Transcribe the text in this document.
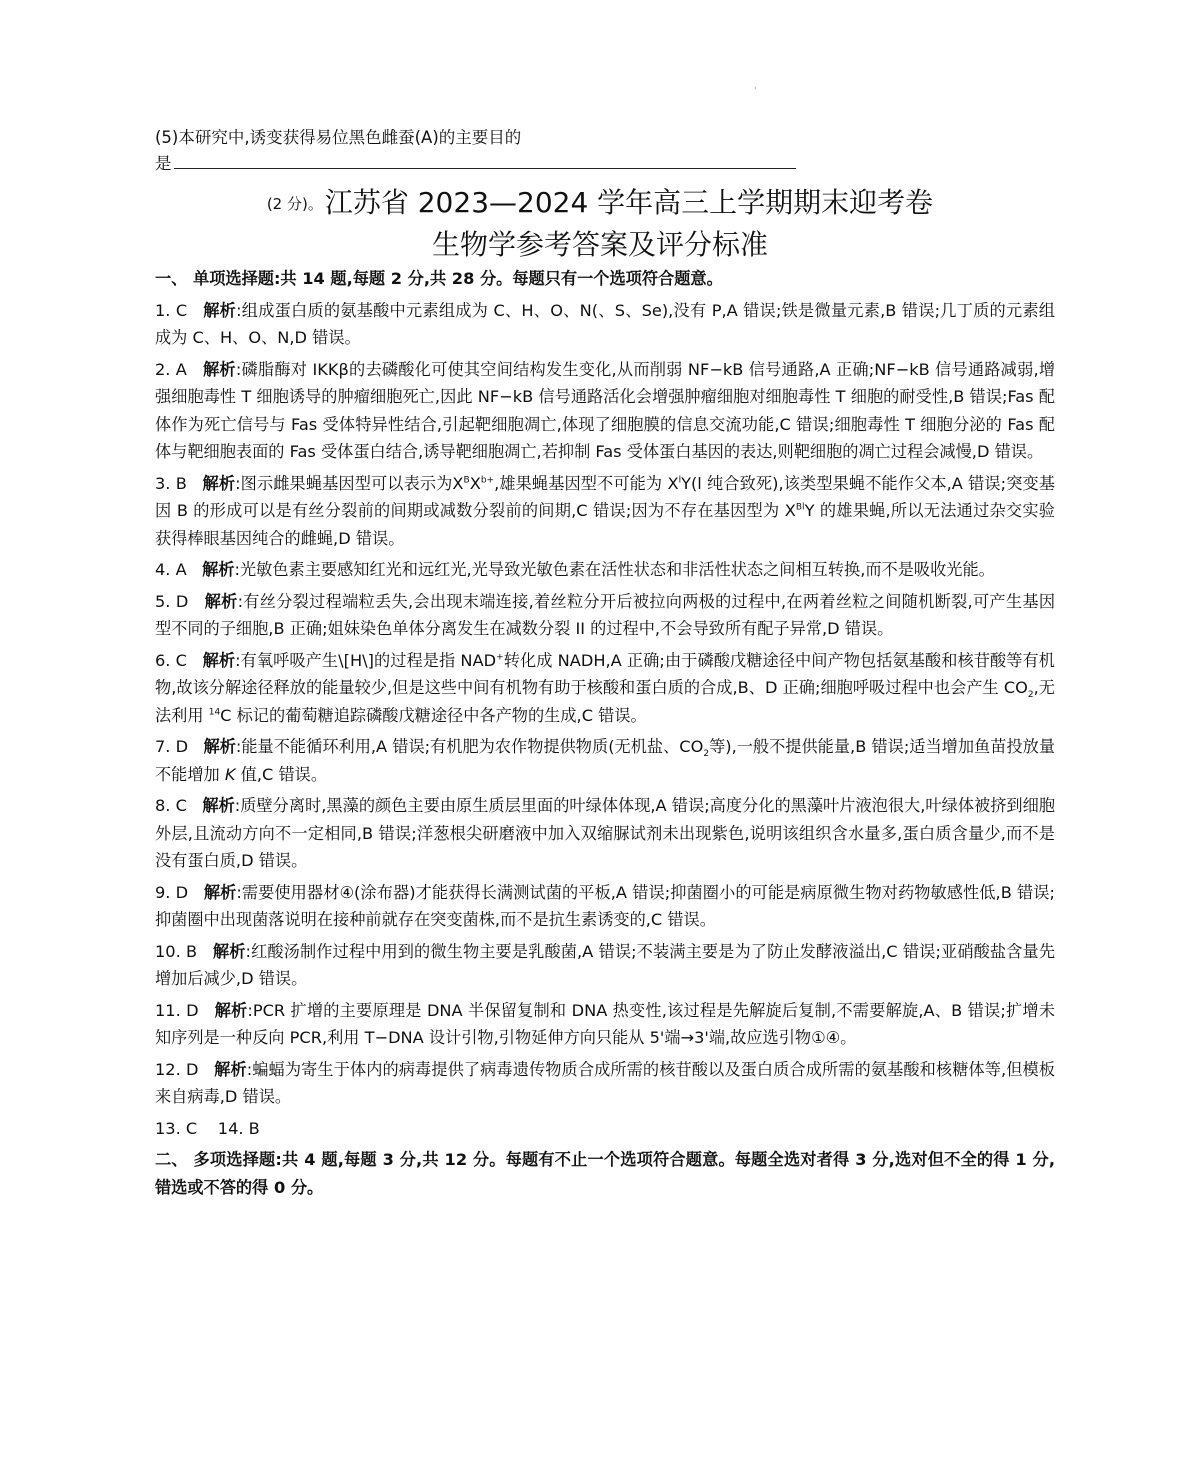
·
(5)本研究中,诱变获得易位黑色雌蚕(A)的主要目的
是
(2 分)。江苏省 2023—2024 学年高三上学期期末迎考卷
生物学参考答案及评分标准

一、 单项选择题:共 14 题,每题 2 分,共 28 分。每题只有一个选项符合题意。

1. C 解析:组成蛋白质的氨基酸中元素组成为 C、H、O、N(、S、Se),没有 P,A 错误;铁是微量元素,B 错误;几丁质的元素组成为 C、H、O、N,D 错误。

2. A 解析:磷脂酶对 IKKβ的去磷酸化可使其空间结构发生变化,从而削弱 NF−kB 信号通路,A 正确;NF−kB 信号通路减弱,增强细胞毒性 T 细胞诱导的肿瘤细胞死亡,因此 NF−kB 信号通路活化会增强肿瘤细胞对细胞毒性 T 细胞的耐受性,B 错误;Fas 配体作为死亡信号与 Fas 受体特异性结合,引起靶细胞凋亡,体现了细胞膜的信息交流功能,C 错误;细胞毒性 T 细胞分泌的 Fas 配体与靶细胞表面的 Fas 受体蛋白结合,诱导靶细胞凋亡,若抑制 Fas 受体蛋白基因的表达,则靶细胞的凋亡过程会减慢,D 错误。

3. B 解析:图示雌果蝇基因型可以表示为$X^BX^{b+}$,雄果蝇基因型不可能为 $X^lY(l$ 纯合致死),该类型果蝇不能作父本,A 错误;突变基因 B 的形成可以是有丝分裂前的间期或减数分裂前的间期,C 错误;因为不存在基因型为 $X^{Bl}Y$ 的雄果蝇,所以无法通过杂交实验获得棒眼基因纯合的雌蝇,D 错误。

4. A 解析:光敏色素主要感知红光和远红光,光导致光敏色素在活性状态和非活性状态之间相互转换,而不是吸收光能。

5. D 解析:有丝分裂过程端粒丢失,会出现末端连接,着丝粒分开后被拉向两极的过程中,在两着丝粒之间随机断裂,可产生基因型不同的子细胞,B 正确;姐妹染色单体分离发生在减数分裂 II 的过程中,不会导致所有配子异常,D 错误。

6. C 解析:有氧呼吸产生\[H\]的过程是指 NAD+转化成 NADH,A 正确;由于磷酸戊糖途径中间产物包括氨基酸和核苷酸等有机物,故该分解途径释放的能量较少,但是这些中间有机物有助于核酸和蛋白质的合成,B、D 正确;细胞呼吸过程中也会产生 $CO_2$,无法利用 $^{14}$C 标记的葡萄糖追踪磷酸戊糖途径中各产物的生成,C 错误。

7. D 解析:能量不能循环利用,A 错误;有机肥为农作物提供物质(无机盐、$CO_2$等),一般不提供能量,B 错误;适当增加鱼苗投放量不能增加 K 值,C 错误。

8. C 解析:质壁分离时,黑藻的颜色主要由原生质层里面的叶绿体体现,A 错误;高度分化的黑藻叶片液泡很大,叶绿体被挤到细胞外层,且流动方向不一定相同,B 错误;洋葱根尖研磨液中加入双缩脲试剂未出现紫色,说明该组织含水量多,蛋白质含量少,而不是没有蛋白质,D 错误。

9. D 解析:需要使用器材④(涂布器)才能获得长满测试菌的平板,A 错误;抑菌圈小的可能是病原微生物对药物敏感性低,B 错误;抑菌圈中出现菌落说明在接种前就存在突变菌株,而不是抗生素诱变的,C 错误。

10. B 解析:红酸汤制作过程中用到的微生物主要是乳酸菌,A 错误;不装满主要是为了防止发酵液溢出,C 错误;亚硝酸盐含量先增加后减少,D 错误。

11. D 解析:PCR 扩增的主要原理是 DNA 半保留复制和 DNA 热变性,该过程是先解旋后复制,不需要解旋,A、B 错误;扩增未知序列是一种反向 PCR,利用 T−DNA 设计引物,引物延伸方向只能从 5'端→3'端,故应选引物①④。

12. D 解析:蝙蝠为寄生于体内的病毒提供了病毒遗传物质合成所需的核苷酸以及蛋白质合成所需的氨基酸和核糖体等,但模板来自病毒,D 错误。

13. C    14. B

二、 多项选择题:共 4 题,每题 3 分,共 12 分。每题有不止一个选项符合题意。每题全选对者得 3 分,选对但不全的得 1 分,错选或不答的得 0 分。
